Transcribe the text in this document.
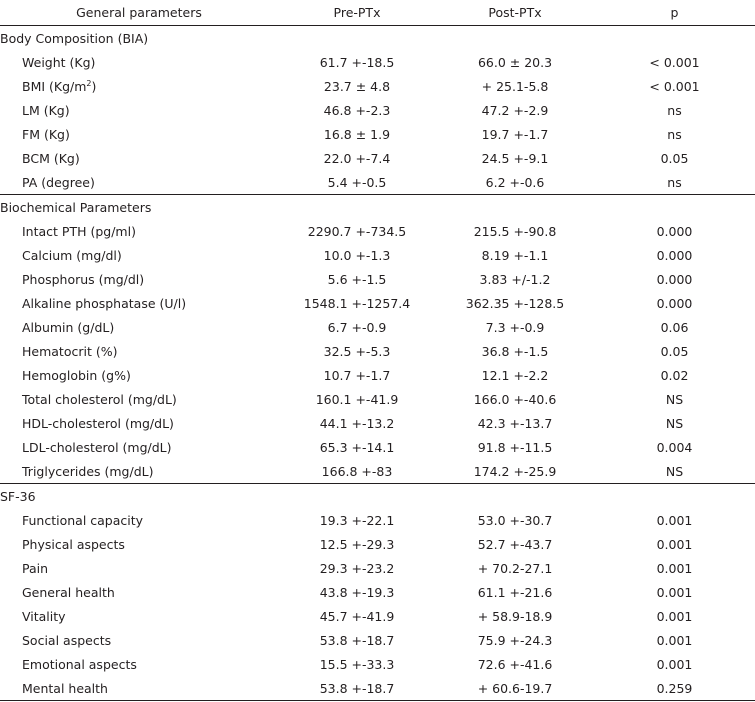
General parameters	Pre-PTx	Post-PTx	p
Body Composition (BIA)			
Weight (Kg)	61.7 +-18.5	66.0 ± 20.3	< 0.001
BMI $(Kg/m^2)$	23.7 ± 4.8	+ 25.1-5.8	< 0.001
LM (Kg)	46.8 +-2.3	47.2 +-2.9	ns
FM (Kg)	16.8 ± 1.9	19.7 +-1.7	ns
BCM (Kg)	22.0 +-7.4	24.5 +-9.1	0.05
PA (degree)	5.4 +-0.5	6.2 +-0.6	ns
Biochemical Parameters			
Intact PTH (pg/ml)	2290.7 +-734.5	215.5 +-90.8	0.000
Calcium (mg/dl)	10.0 +-1.3	8.19 +-1.1	0.000
Phosphorus (mg/dl)	5.6 +-1.5	3.83 +/-1.2	0.000
Alkaline phosphatase (U/l)	1548.1 +-1257.4	362.35 +-128.5	0.000
Albumin (g/dL)	6.7 +-0.9	7.3 +-0.9	0.06
Hematocrit (%)	32.5 +-5.3	36.8 +-1.5	0.05
Hemoglobin (g%)	10.7 +-1.7	12.1 +-2.2	0.02
Total cholesterol (mg/dL)	160.1 +-41.9	166.0 +-40.6	NS
HDL-cholesterol (mg/dL)	44.1 +-13.2	42.3 +-13.7	NS
LDL-cholesterol (mg/dL)	65.3 +-14.1	91.8 +-11.5	0.004
Triglycerides (mg/dL)	166.8 +-83	174.2 +-25.9	NS
SF-36			
Functional capacity	19.3 +-22.1	53.0 +-30.7	0.001
Physical aspects	12.5 +-29.3	52.7 +-43.7	0.001
Pain	29.3 +-23.2	+ 70.2-27.1	0.001
General health	43.8 +-19.3	61.1 +-21.6	0.001
Vitality	45.7 +-41.9	+ 58.9-18.9	0.001
Social aspects	53.8 +-18.7	75.9 +-24.3	0.001
Emotional aspects	15.5 +-33.3	72.6 +-41.6	0.001
Mental health	53.8 +-18.7	+ 60.6-19.7	0.259
